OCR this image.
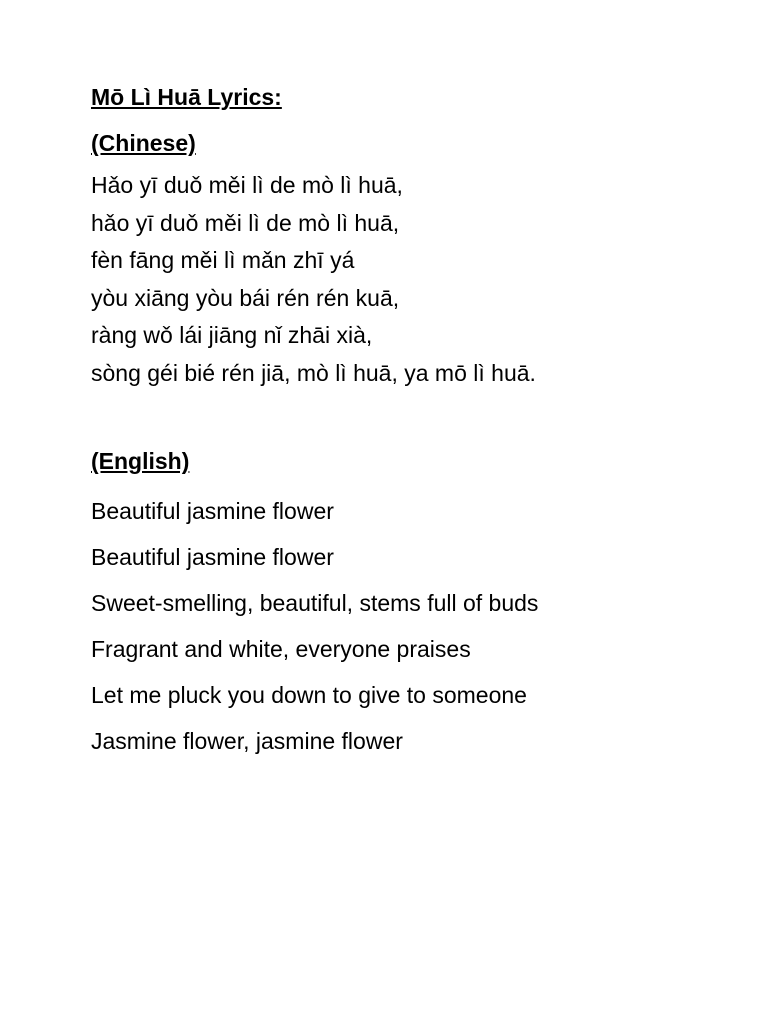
Mō Lì Huā Lyrics:
(Chinese)
Hǎo yī duǒ měi lì de mò lì huā,
hǎo yī duǒ měi lì de mò lì huā,
fèn fāng měi lì mǎn zhī yá
yòu xiāng yòu bái rén rén kuā,
ràng wǒ lái jiāng nǐ zhāi xià,
sòng géi bié rén jiā, mò lì huā, ya mō lì huā.
(English)
Beautiful jasmine flower
Beautiful jasmine flower
Sweet-smelling, beautiful, stems full of buds
Fragrant and white, everyone praises
Let me pluck you down to give to someone
Jasmine flower, jasmine flower
